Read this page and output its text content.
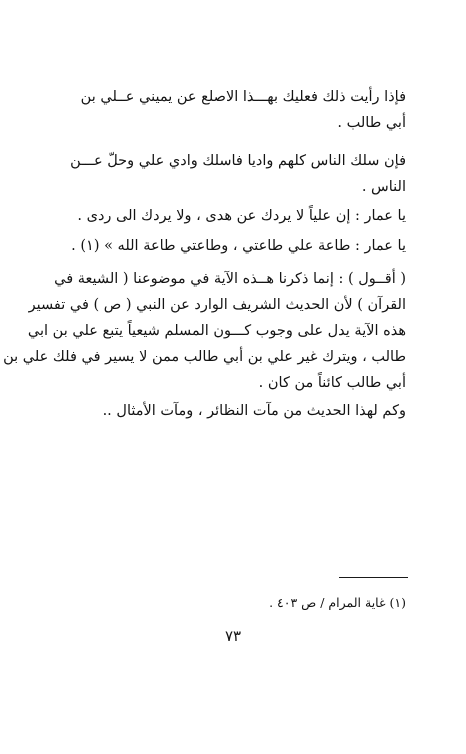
فإذا رأيت ذلك فعليك بهـــذا الاصلع عن يميني عــلي بن
أبي طالب .

فإن سلك الناس كلهم واديا فاسلك وادي علي وحلّ عـــن
الناس .

يا عمار : إن علياً لا يردك عن هدى ، ولا يردك الى ردى .

يا عمار : طاعة علي طاعتي ، وطاعتي طاعة الله » (١) .

( أقــول ) : إنما ذكرنا هــذه الآية في موضوعنا ( الشيعة في
القرآن ) لأن الحديث الشريف الوارد عن النبي ( ص ) في تفسير
هذه الآية يدل على وجوب كـــون المسلم شيعياً يتبع علي بن ابي
طالب ، ويترك غير علي بن أبي طالب ممن لا يسير في فلك علي بن
أبي طالب كائناً من كان .

وكم لهذا الحديث من مآت النظائر ، ومآت الأمثال ..

(١) غاية المرام / ص ٤٠٣ .
٧٣
